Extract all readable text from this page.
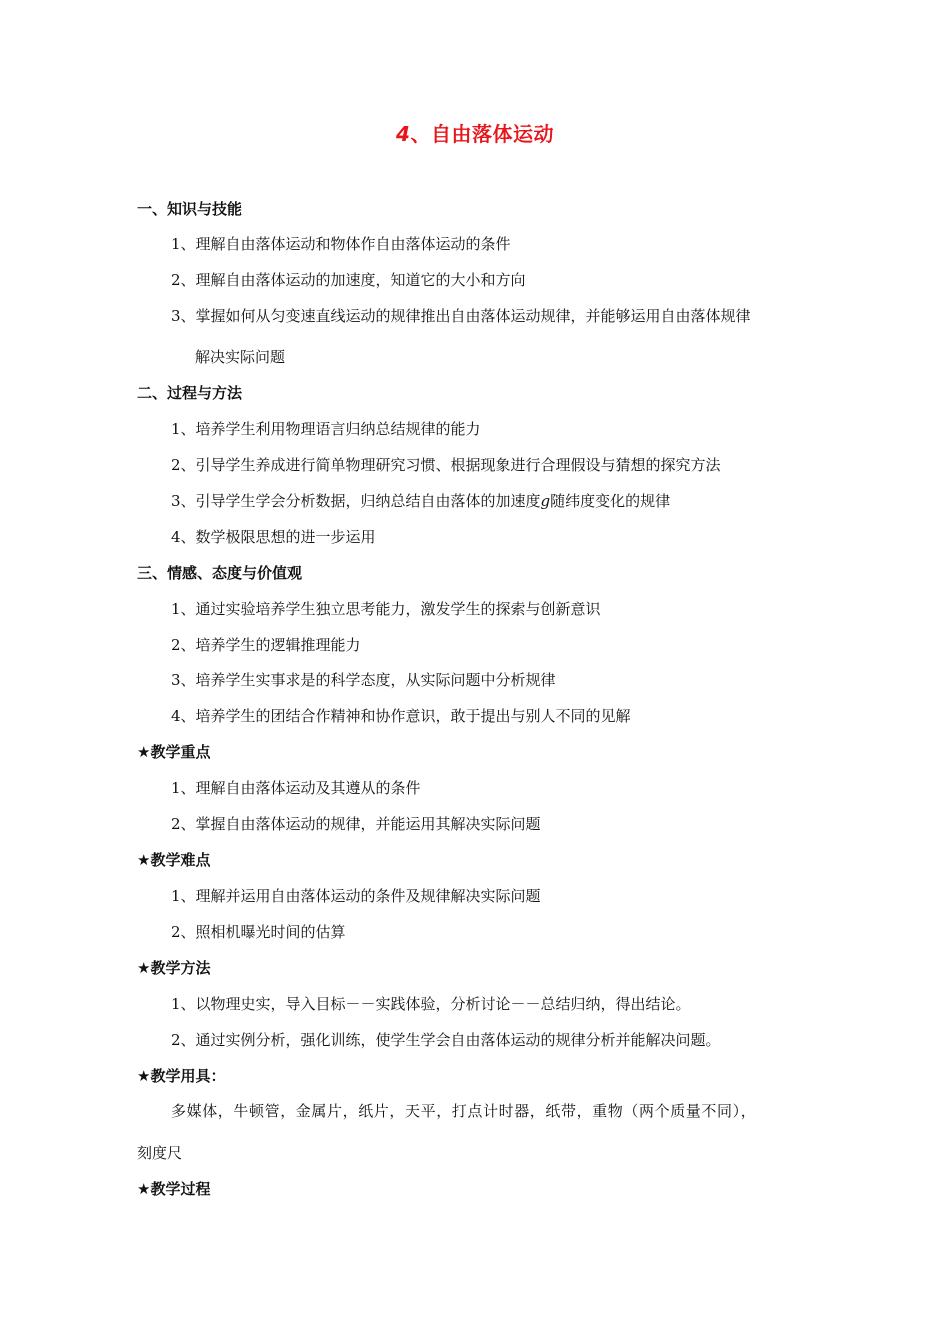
4、自由落体运动
一、知识与技能
1、理解自由落体运动和物体作自由落体运动的条件
2、理解自由落体运动的加速度，知道它的大小和方向
3、掌握如何从匀变速直线运动的规律推出自由落体运动规律，并能够运用自由落体规律
解决实际问题
二、过程与方法
1、培养学生利用物理语言归纳总结规律的能力
2、引导学生养成进行简单物理研究习惯、根据现象进行合理假设与猜想的探究方法
3、引导学生学会分析数据，归纳总结自由落体的加速度g随纬度变化的规律
4、数学极限思想的进一步运用
三、情感、态度与价值观
1、通过实验培养学生独立思考能力，激发学生的探索与创新意识
2、培养学生的逻辑推理能力
3、培养学生实事求是的科学态度，从实际问题中分析规律
4、培养学生的团结合作精神和协作意识，敢于提出与别人不同的见解
★教学重点
1、理解自由落体运动及其遵从的条件
2、掌握自由落体运动的规律，并能运用其解决实际问题
★教学难点
1、理解并运用自由落体运动的条件及规律解决实际问题
2、照相机曝光时间的估算
★教学方法
1、以物理史实，导入目标－－实践体验，分析讨论－－总结归纳，得出结论。
2、通过实例分析，强化训练，使学生学会自由落体运动的规律分析并能解决问题。
★教学用具：
多媒体，牛顿管，金属片，纸片，天平，打点计时器，纸带，重物（两个质量不同），
刻度尺
★教学过程
